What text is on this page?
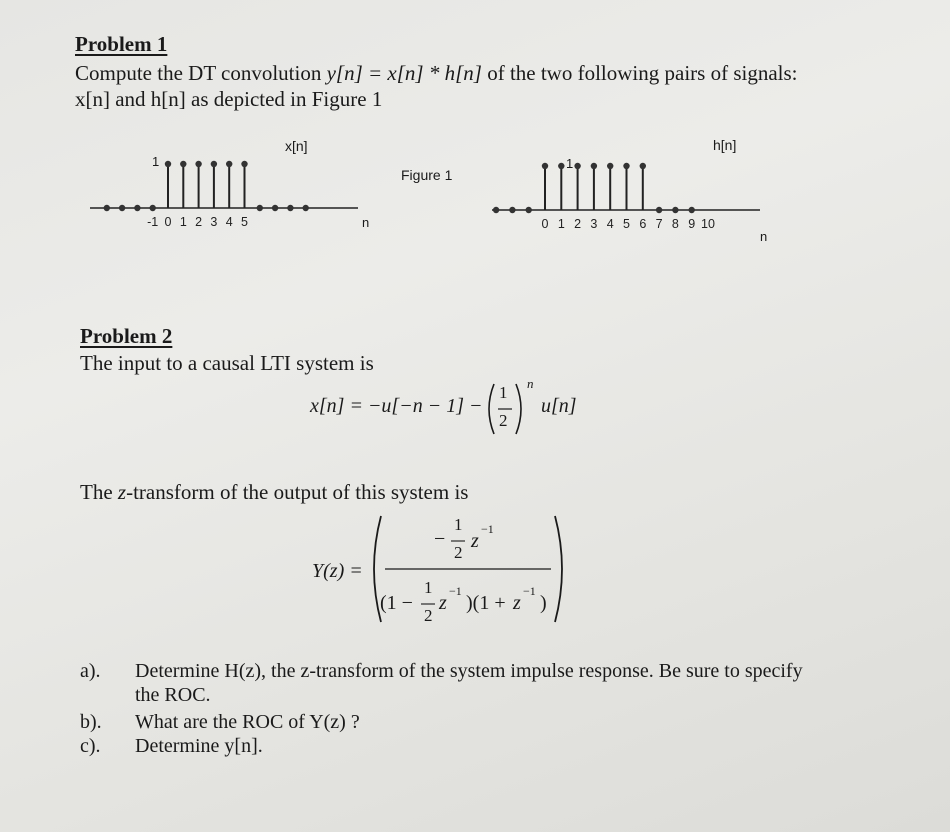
Problem 1
Compute the DT convolution y[n] = x[n] * h[n] of the two following pairs of signals:
x[n] and h[n] as depicted in Figure 1
-1 0 1 2 3 4 5	0 1 2 3 4 5 6 7 8 9 10
x[n]
1
n
Figure 1
h[n]
1
n
Problem 2
The input to a causal LTI system is
x[n] = −u[−n − 1] −
1
2
n
u[n]
The z-transform of the output of this system is
Y(z) =
−
1
2
z
−1
(1 −
1
2
z
−1
)(1 + z
−1
)
a). Determine H(z), the z-transform of the system impulse response. Be sure to specify
the ROC.
b). What are the ROC of Y(z) ?
c). Determine y[n].
